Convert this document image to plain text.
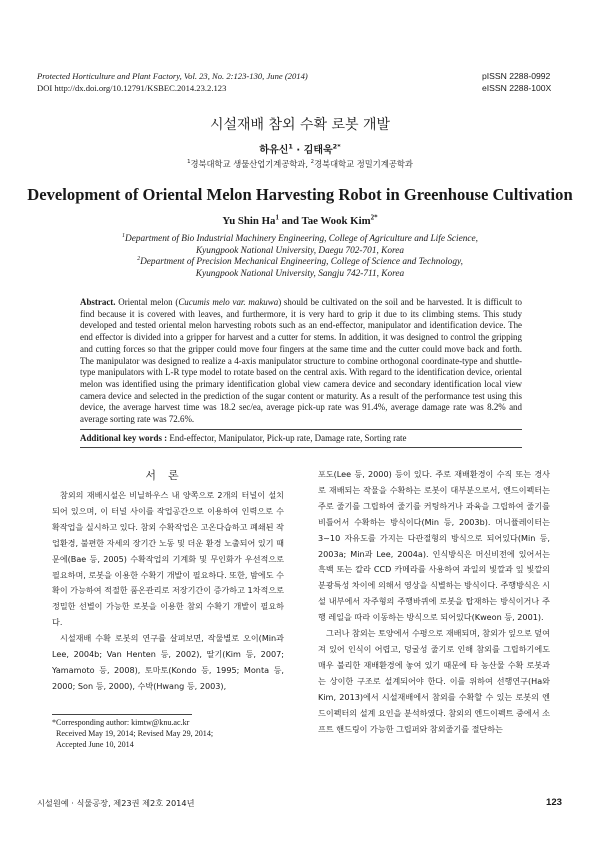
Protected Horticulture and Plant Factory, Vol. 23, No. 2:123-130, June (2014)
DOI http://dx.doi.org/10.12791/KSBEC.2014.23.2.123
pISSN 2288-0992
eISSN 2288-100X
시설재배 참외 수확 로봇 개발
하유신$^1$ · 김태욱$^{2*}$
$^1$경북대학교 생물산업기계공학과, $^2$경북대학교 정밀기계공학과
Development of Oriental Melon Harvesting Robot in Greenhouse Cultivation
Yu Shin Ha$^1$ and Tae Wook Kim$^{2*}$
$^1$Department of Bio Industrial Machinery Engineering, College of Agriculture and Life Science,
Kyungpook National University, Daegu 702-701, Korea
$^2$Department of Precision Mechanical Engineering, College of Science and Technology,
Kyungpook National University, Sangju 742-711, Korea

Abstract. Oriental melon (Cucumis melo var. makuwa) should be cultivated on the soil and be harvested. It is difficult to find because it is covered with leaves, and furthermore, it is very hard to grip it due to its climbing stems. This study developed and tested oriental melon harvesting robots such as an end-effector, manipulator and identification device. The end effector is divided into a gripper for harvest and a cutter for stems. In addition, it was designed to control the gripping and cutting forces so that the gripper could move four fingers at the same time and the cutter could move back and forth. The manipulator was designed to realize a 4-axis manipulator structure to combine orthogonal coordinate-type and shuttle-type manipulators with L-R type model to rotate based on the central axis. With regard to the identification device, oriental melon was identified using the primary identification global view camera device and secondary identification local view camera device and selected in the prediction of the sugar content or maturity. As a result of the performance test using this device, the average harvest time was 18.2 sec/ea, average pick-up rate was 91.4%, average damage rate was 8.2% and average sorting rate was 72.6%.

Additional key words : End-effector, Manipulator, Pick-up rate, Damage rate, Sorting rate
서론

참외의 재배시설은 비닐하우스 내 양쪽으로 2개의 터널이 설치되어 있으며, 이 터널 사이를 작업공간으로 이용하여 인력으로 수확작업을 실시하고 있다. 참외 수확작업은 고온다습하고 폐쇄된 작업환경, 불편한 자세의 장기간 노동 및 더운 환경 노출되어 있기 때문에(Bae 등, 2005) 수확작업의 기계화 및 무인화가 우선적으로 필요하며, 로봇을 이용한 수확기 개발이 필요하다. 또한, 밤에도 수확이 가능하여 적절한 품온관리로 저장기간이 증가하고 1차적으로 정밀한 선별이 가능한 로봇을 이용한 참외 수확기 개발이 필요하다.

시설재배 수확 로봇의 연구를 살펴보면, 작물별로 오이(Min과 Lee, 2004b; Van Henten 등, 2002), 딸기(Kim 등, 2007; Yamamoto 등, 2008), 토마토(Kondo 등, 1995; Monta 등, 2000; Son 등, 2000), 수박(Hwang 등, 2003),

포도(Lee 등, 2000) 등이 있다. 주로 재배환경이 수직 또는 경사로 재배되는 작물을 수확하는 로봇이 대부분으로서, 엔드이펙터는 주로 줄기를 그립하여 줄기를 커팅하거나 과육을 그립하여 줄기를 비틀어서 수확하는 방식이다(Min 등, 2003b). 머니퓰레이터는 3~10 자유도를 가지는 다관절형의 방식으로 되어있다(Min 등, 2003a; Min과 Lee, 2004a). 인식방식은 머신비전에 있어서는 흑백 또는 칼라 CCD 카메라를 사용하여 과일의 빛깔과 잎 빛깔의 분광특성 차이에 의해서 영상을 식별하는 방식이다. 주행방식은 시설 내부에서 자주형의 주행바퀴에 로봇을 탑재하는 방식이거나 주행 레일을 따라 이동하는 방식으로 되어있다(Kweon 등, 2001).

그러나 참외는 토양에서 수평으로 재배되며, 참외가 잎으로 덮여져 있어 인식이 어렵고, 덩굴성 줄기로 인해 참외를 그립하기에도 매우 불리한 재배환경에 놓여 있기 때문에 타 농산물 수확 로봇과는 상이한 구조로 설계되어야 한다. 이를 위하여 선행연구(Ha와 Kim, 2013)에서 시설재배에서 참외를 수확할 수 있는 로봇의 엔드이펙터의 설계 요인을 분석하였다. 참외의 엔드이펙트 중에서 소프트 핸드링이 가능한 그립퍼와 참외줄기를 절단하는

*Corresponding author: kimtw@knu.ac.kr
Received May 19, 2014; Revised May 29, 2014;
Accepted June 10, 2014
시설원예 · 식물공장, 제23권 제2호 2014년	123
